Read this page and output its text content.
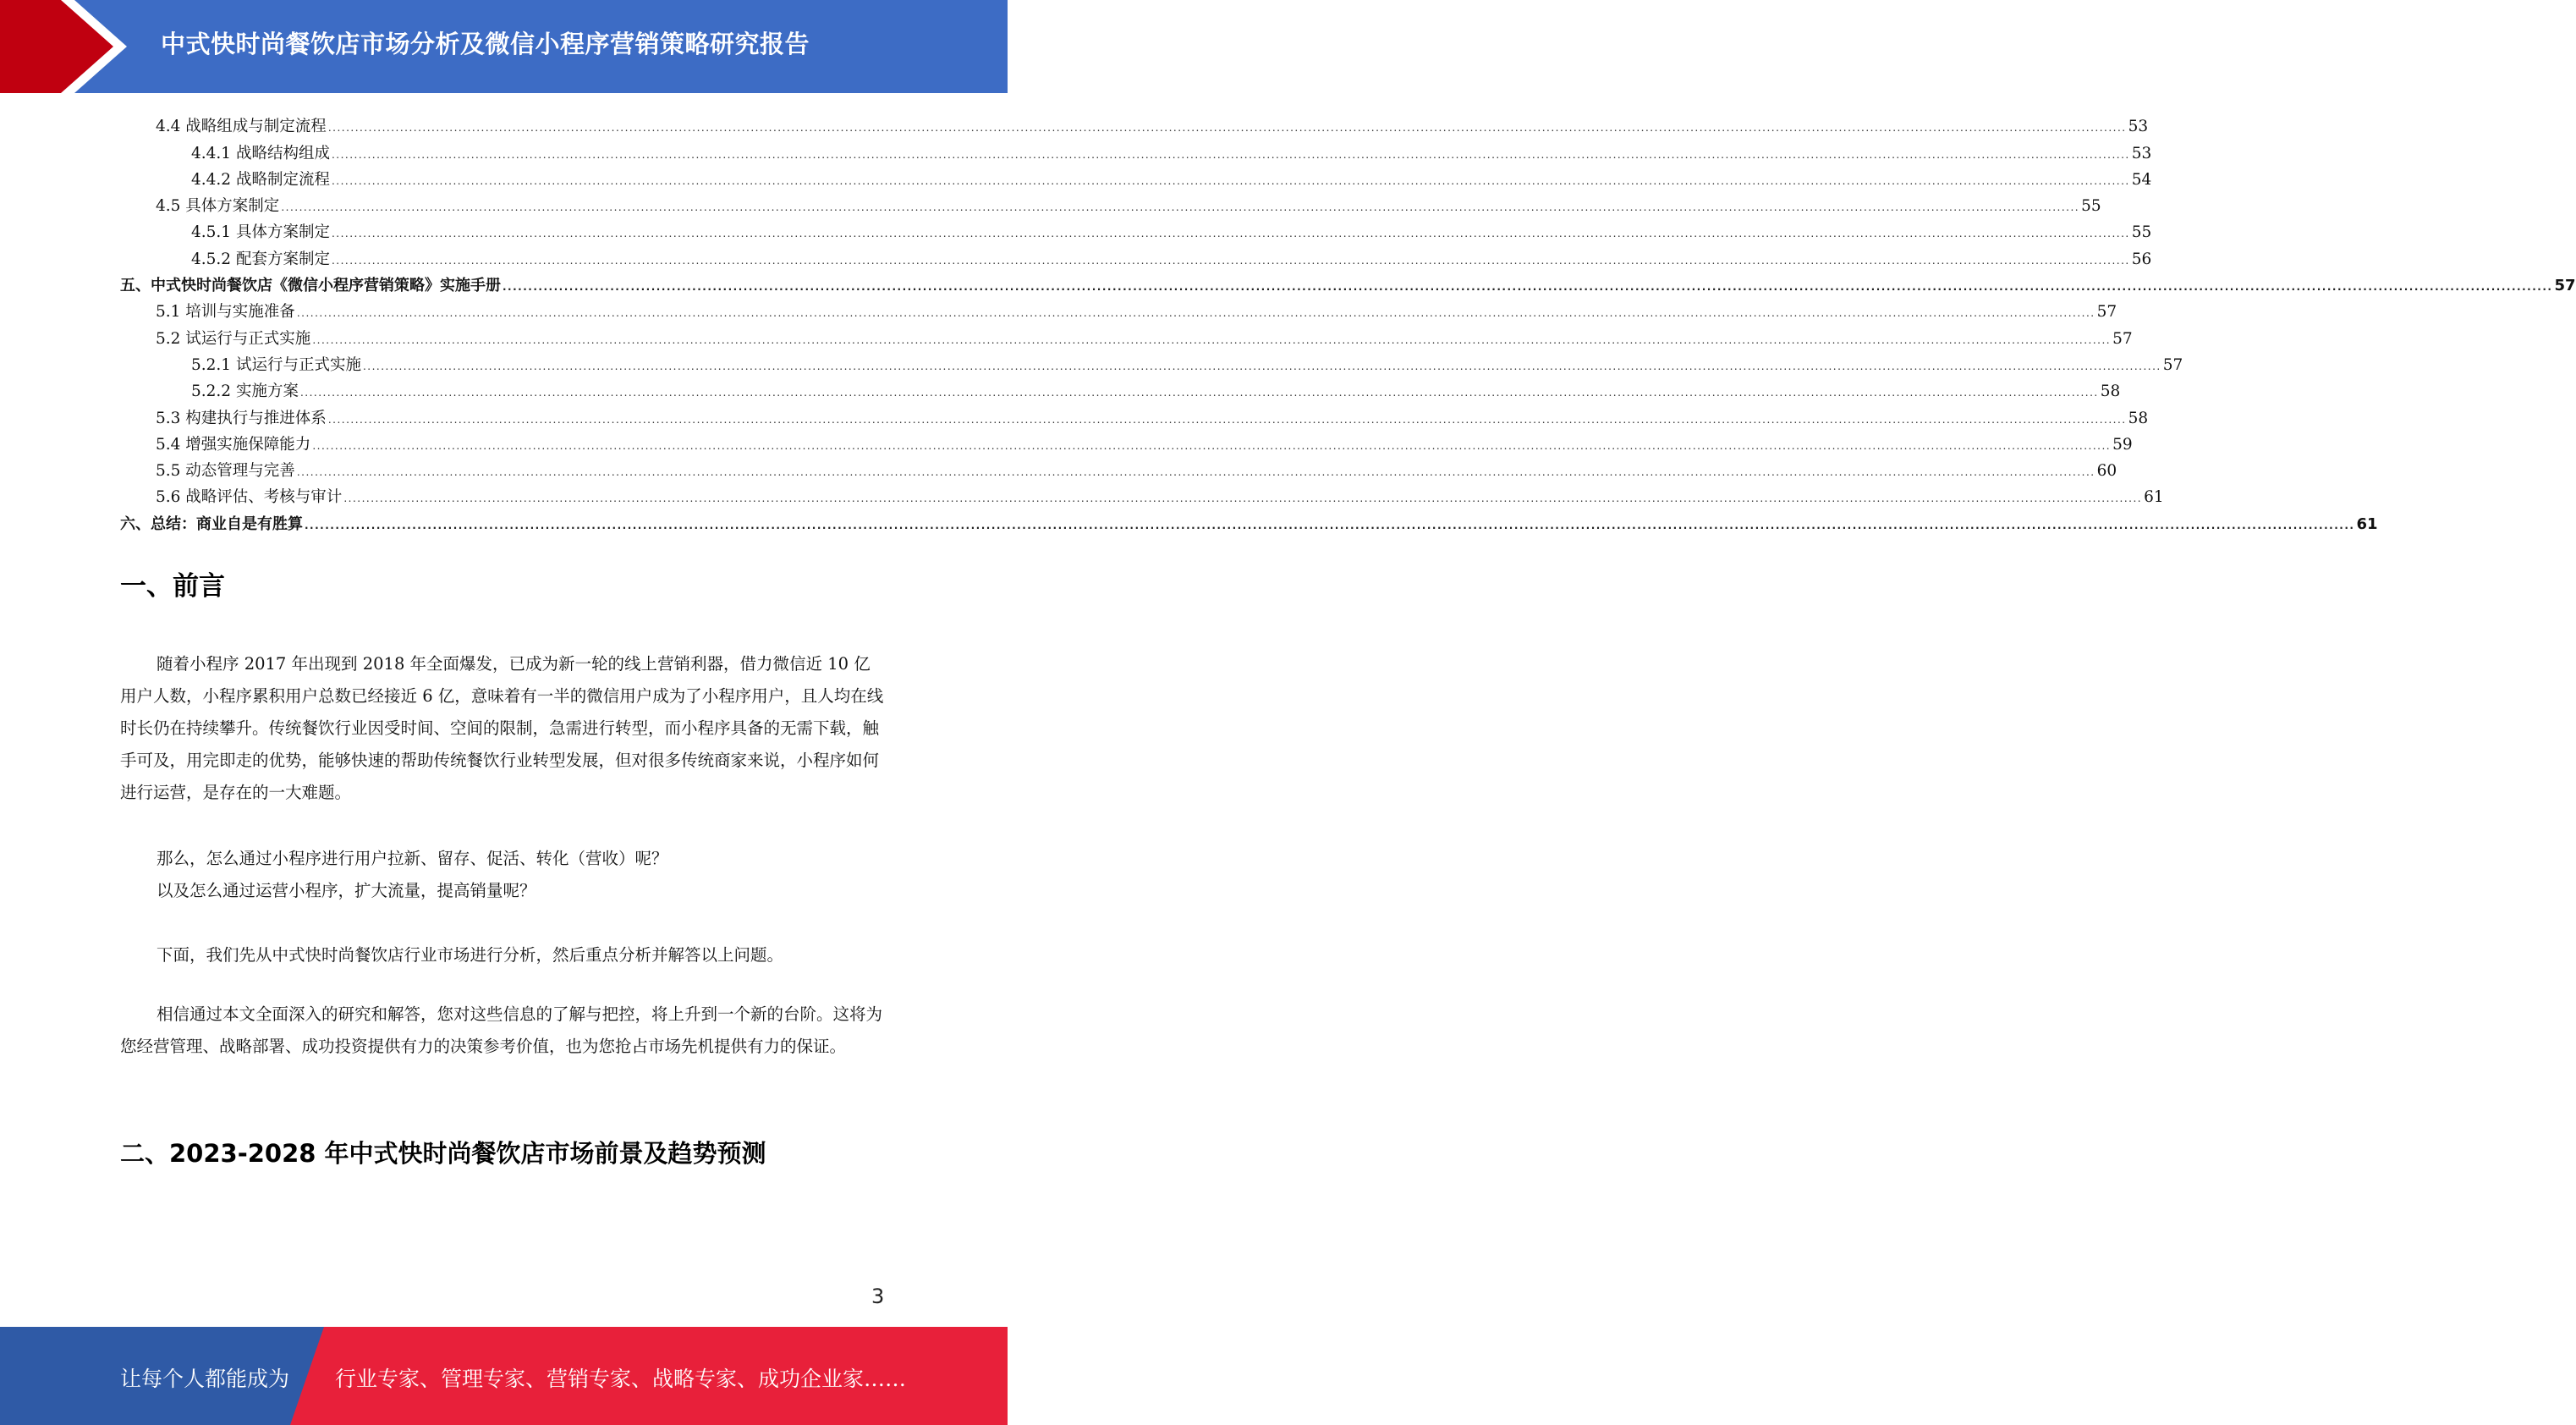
中式快时尚餐饮店市场分析及微信小程序营销策略研究报告
4.4 战略组成与制定流程 ................................................................................................................................................................................................................................................................................................................................................................................................................ 53
4.4.1 战略结构组成 ................................................................................................................................................................................................................................................................................................................................................................................................................ 53
4.4.2 战略制定流程 ................................................................................................................................................................................................................................................................................................................................................................................................................ 54
4.5 具体方案制定 ................................................................................................................................................................................................................................................................................................................................................................................................................ 55
4.5.1 具体方案制定 ................................................................................................................................................................................................................................................................................................................................................................................................................ 55
4.5.2 配套方案制定 ................................................................................................................................................................................................................................................................................................................................................................................................................ 56
五、中式快时尚餐饮店《微信小程序营销策略》实施手册 ................................................................................................................................................................................................................................................................................................................................................................................................................ 57
5.1 培训与实施准备 ................................................................................................................................................................................................................................................................................................................................................................................................................ 57
5.2 试运行与正式实施 ................................................................................................................................................................................................................................................................................................................................................................................................................ 57
5.2.1 试运行与正式实施 ................................................................................................................................................................................................................................................................................................................................................................................................................ 57
5.2.2 实施方案 ................................................................................................................................................................................................................................................................................................................................................................................................................ 58
5.3 构建执行与推进体系 ................................................................................................................................................................................................................................................................................................................................................................................................................ 58
5.4 增强实施保障能力 ................................................................................................................................................................................................................................................................................................................................................................................................................ 59
5.5 动态管理与完善 ................................................................................................................................................................................................................................................................................................................................................................................................................ 60
5.6 战略评估、考核与审计 ................................................................................................................................................................................................................................................................................................................................................................................................................ 61
六、总结：商业自是有胜算 ................................................................................................................................................................................................................................................................................................................................................................................................................ 61
一、前言
随着小程序 2017 年出现到 2018 年全面爆发，已成为新一轮的线上营销利器，借力微信近 10 亿用户人数，小程序累积用户总数已经接近 6 亿，意味着有一半的微信用户成为了小程序用户，且人均在线时长仍在持续攀升。传统餐饮行业因受时间、空间的限制，急需进行转型，而小程序具备的无需下载，触手可及，用完即走的优势，能够快速的帮助传统餐饮行业转型发展，但对很多传统商家来说，小程序如何进行运营，是存在的一大难题。

那么，怎么通过小程序进行用户拉新、留存、促活、转化（营收）呢？

以及怎么通过运营小程序，扩大流量，提高销量呢？

下面，我们先从中式快时尚餐饮店行业市场进行分析，然后重点分析并解答以上问题。
相信通过本文全面深入的研究和解答，您对这些信息的了解与把控，将上升到一个新的台阶。这将为您经营管理、战略部署、成功投资提供有力的决策参考价值，也为您抢占市场先机提供有力的保证。
二、2023-2028 年中式快时尚餐饮店市场前景及趋势预测
3
让每个人都能成为 行业专家、管理专家、营销专家、战略专家、成功企业家……
